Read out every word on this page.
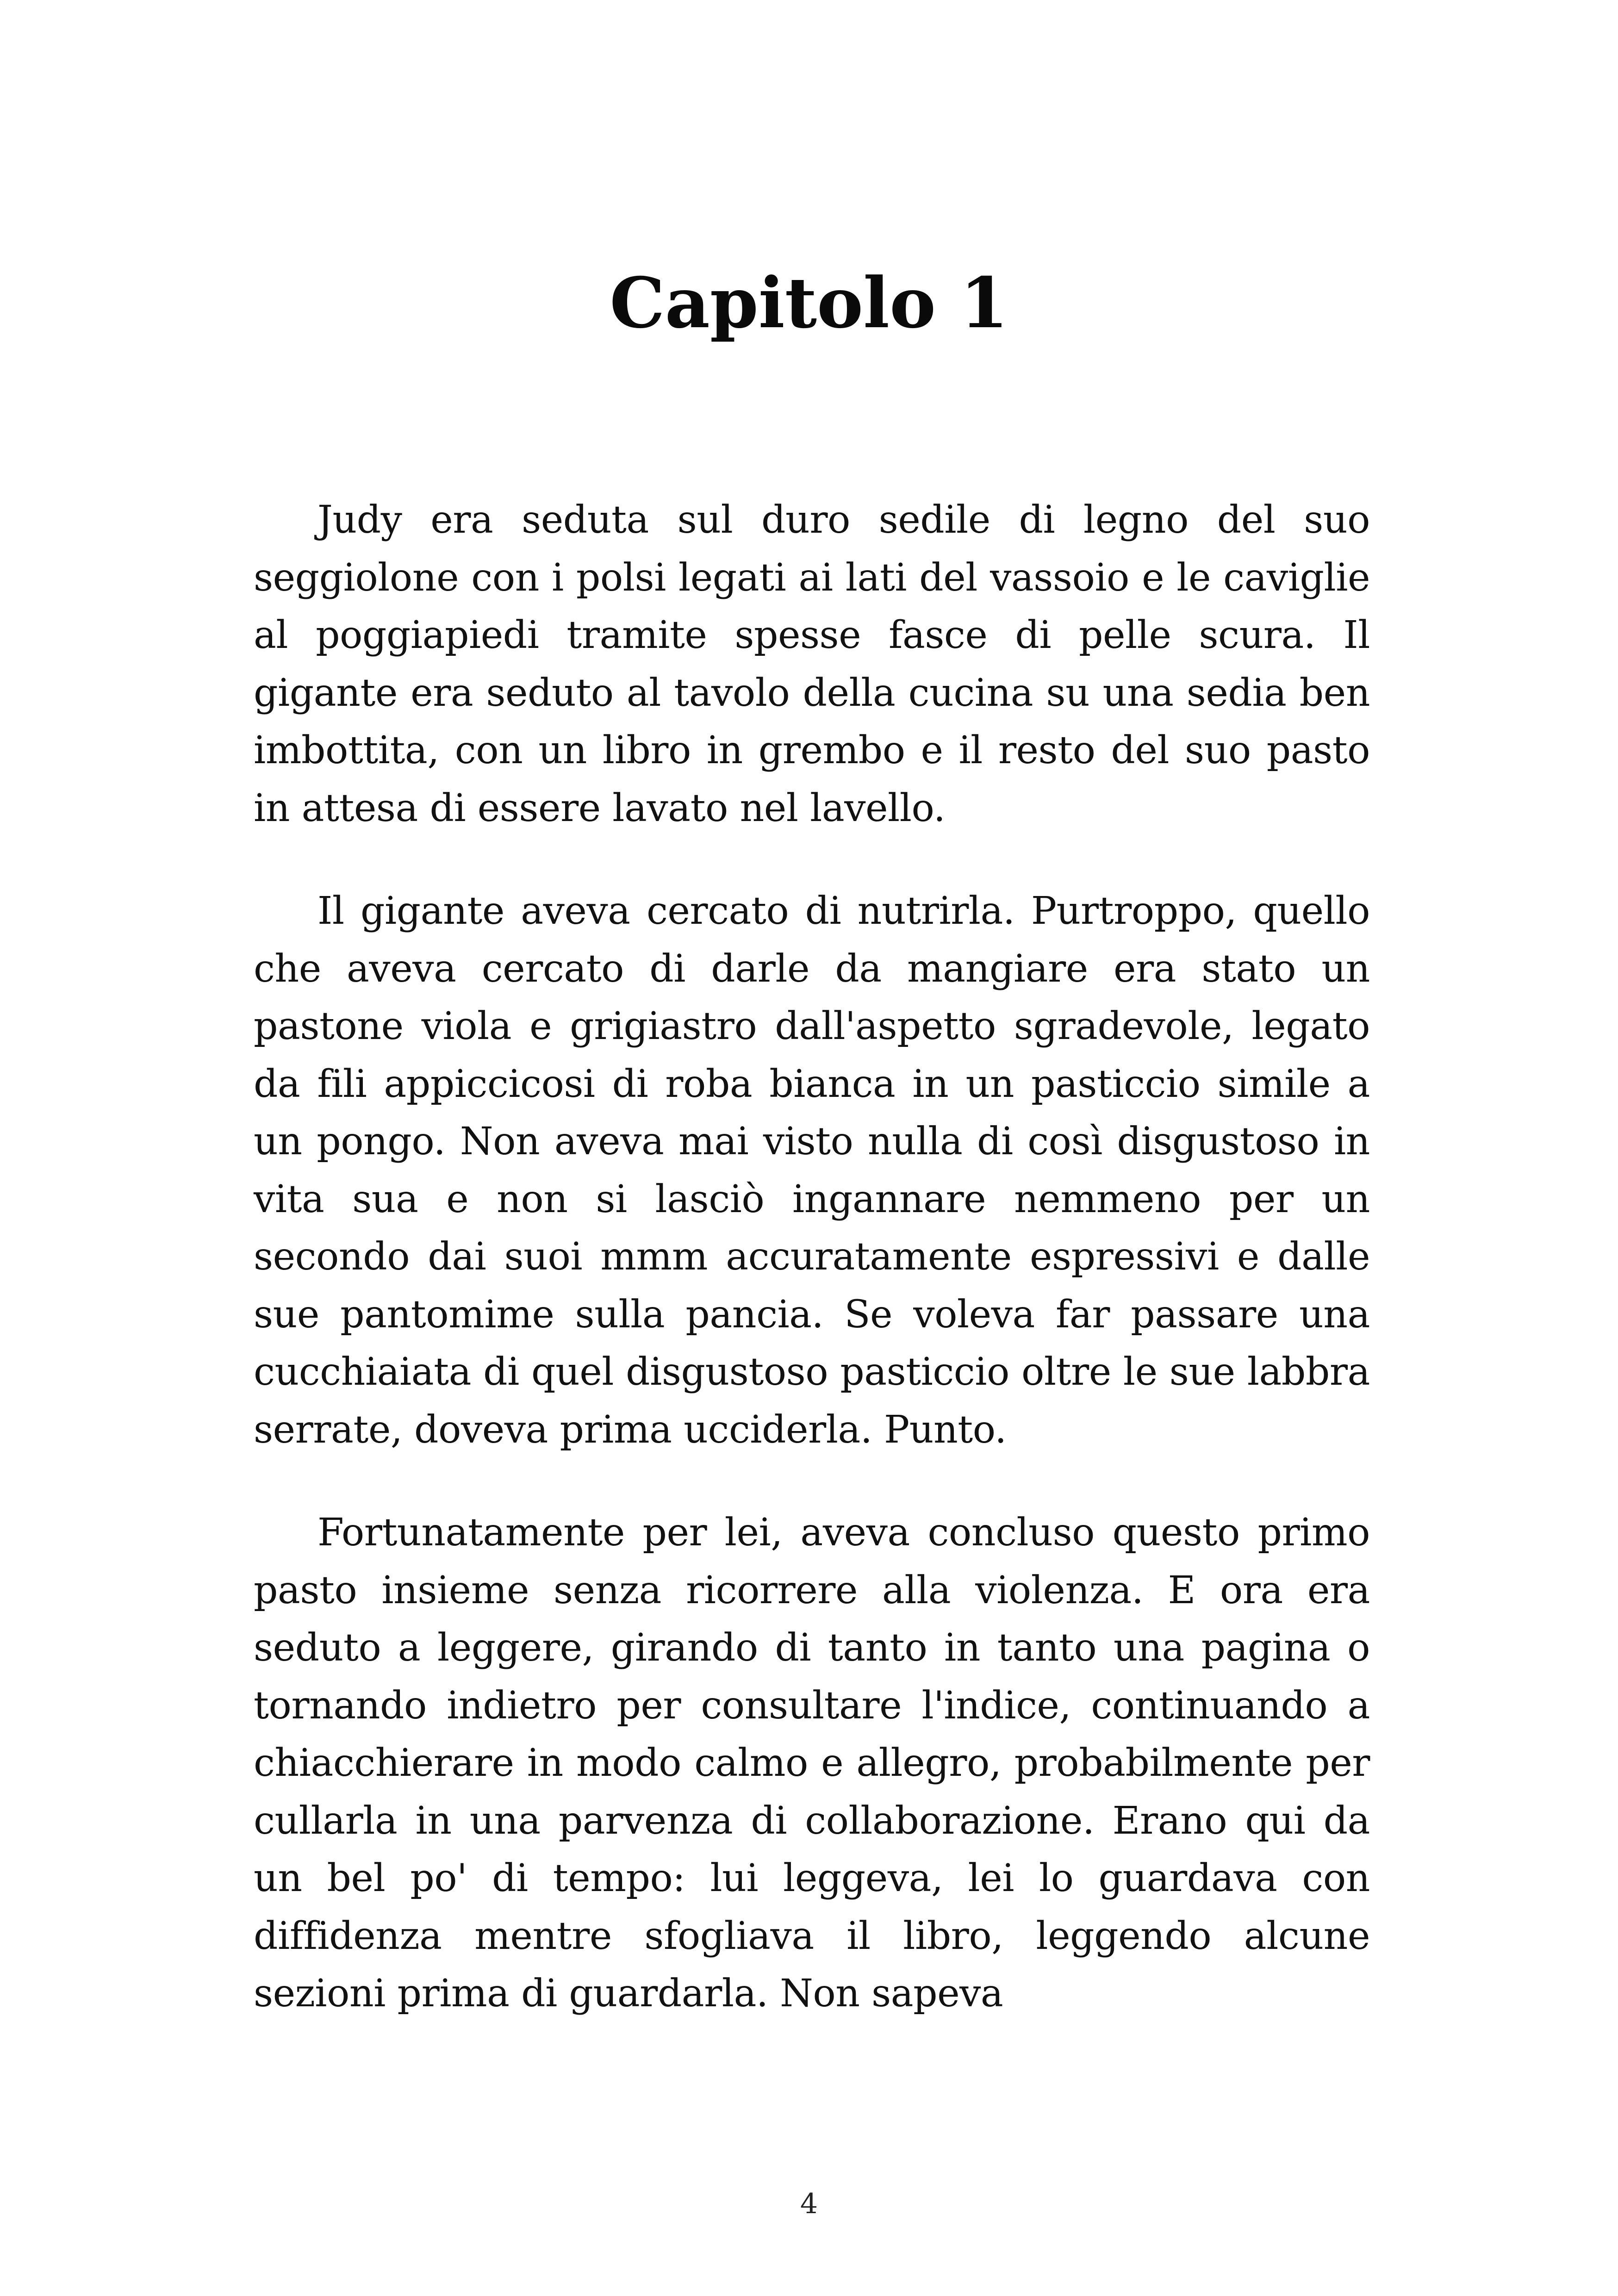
Capitolo 1

Judy era seduta sul duro sedile di legno del suo seggiolone con i polsi legati ai lati del vassoio e le caviglie al poggiapiedi tramite spesse fasce di pelle scura. Il gigante era seduto al tavolo della cucina su una sedia ben imbottita, con un libro in grembo e il resto del suo pasto in attesa di essere lavato nel lavello.

Il gigante aveva cercato di nutrirla. Purtroppo, quello che aveva cercato di darle da mangiare era stato un pastone viola e grigiastro dall'aspetto sgradevole, legato da fili appiccicosi di roba bianca in un pasticcio simile a un pongo. Non aveva mai visto nulla di così disgustoso in vita sua e non si lasciò ingannare nemmeno per un secondo dai suoi mmm accuratamente espressivi e dalle sue pantomime sulla pancia. Se voleva far passare una cucchiaiata di quel disgustoso pasticcio oltre le sue labbra serrate, doveva prima ucciderla. Punto.

Fortunatamente per lei, aveva concluso questo primo pasto insieme senza ricorrere alla violenza. E ora era seduto a leggere, girando di tanto in tanto una pagina o tornando indietro per consultare l'indice, continuando a chiacchierare in modo calmo e allegro, probabilmente per cullarla in una parvenza di collaborazione. Erano qui da un bel po' di tempo: lui leggeva, lei lo guardava con diffidenza mentre sfogliava il libro, leggendo alcune sezioni prima di guardarla. Non sapeva

4
